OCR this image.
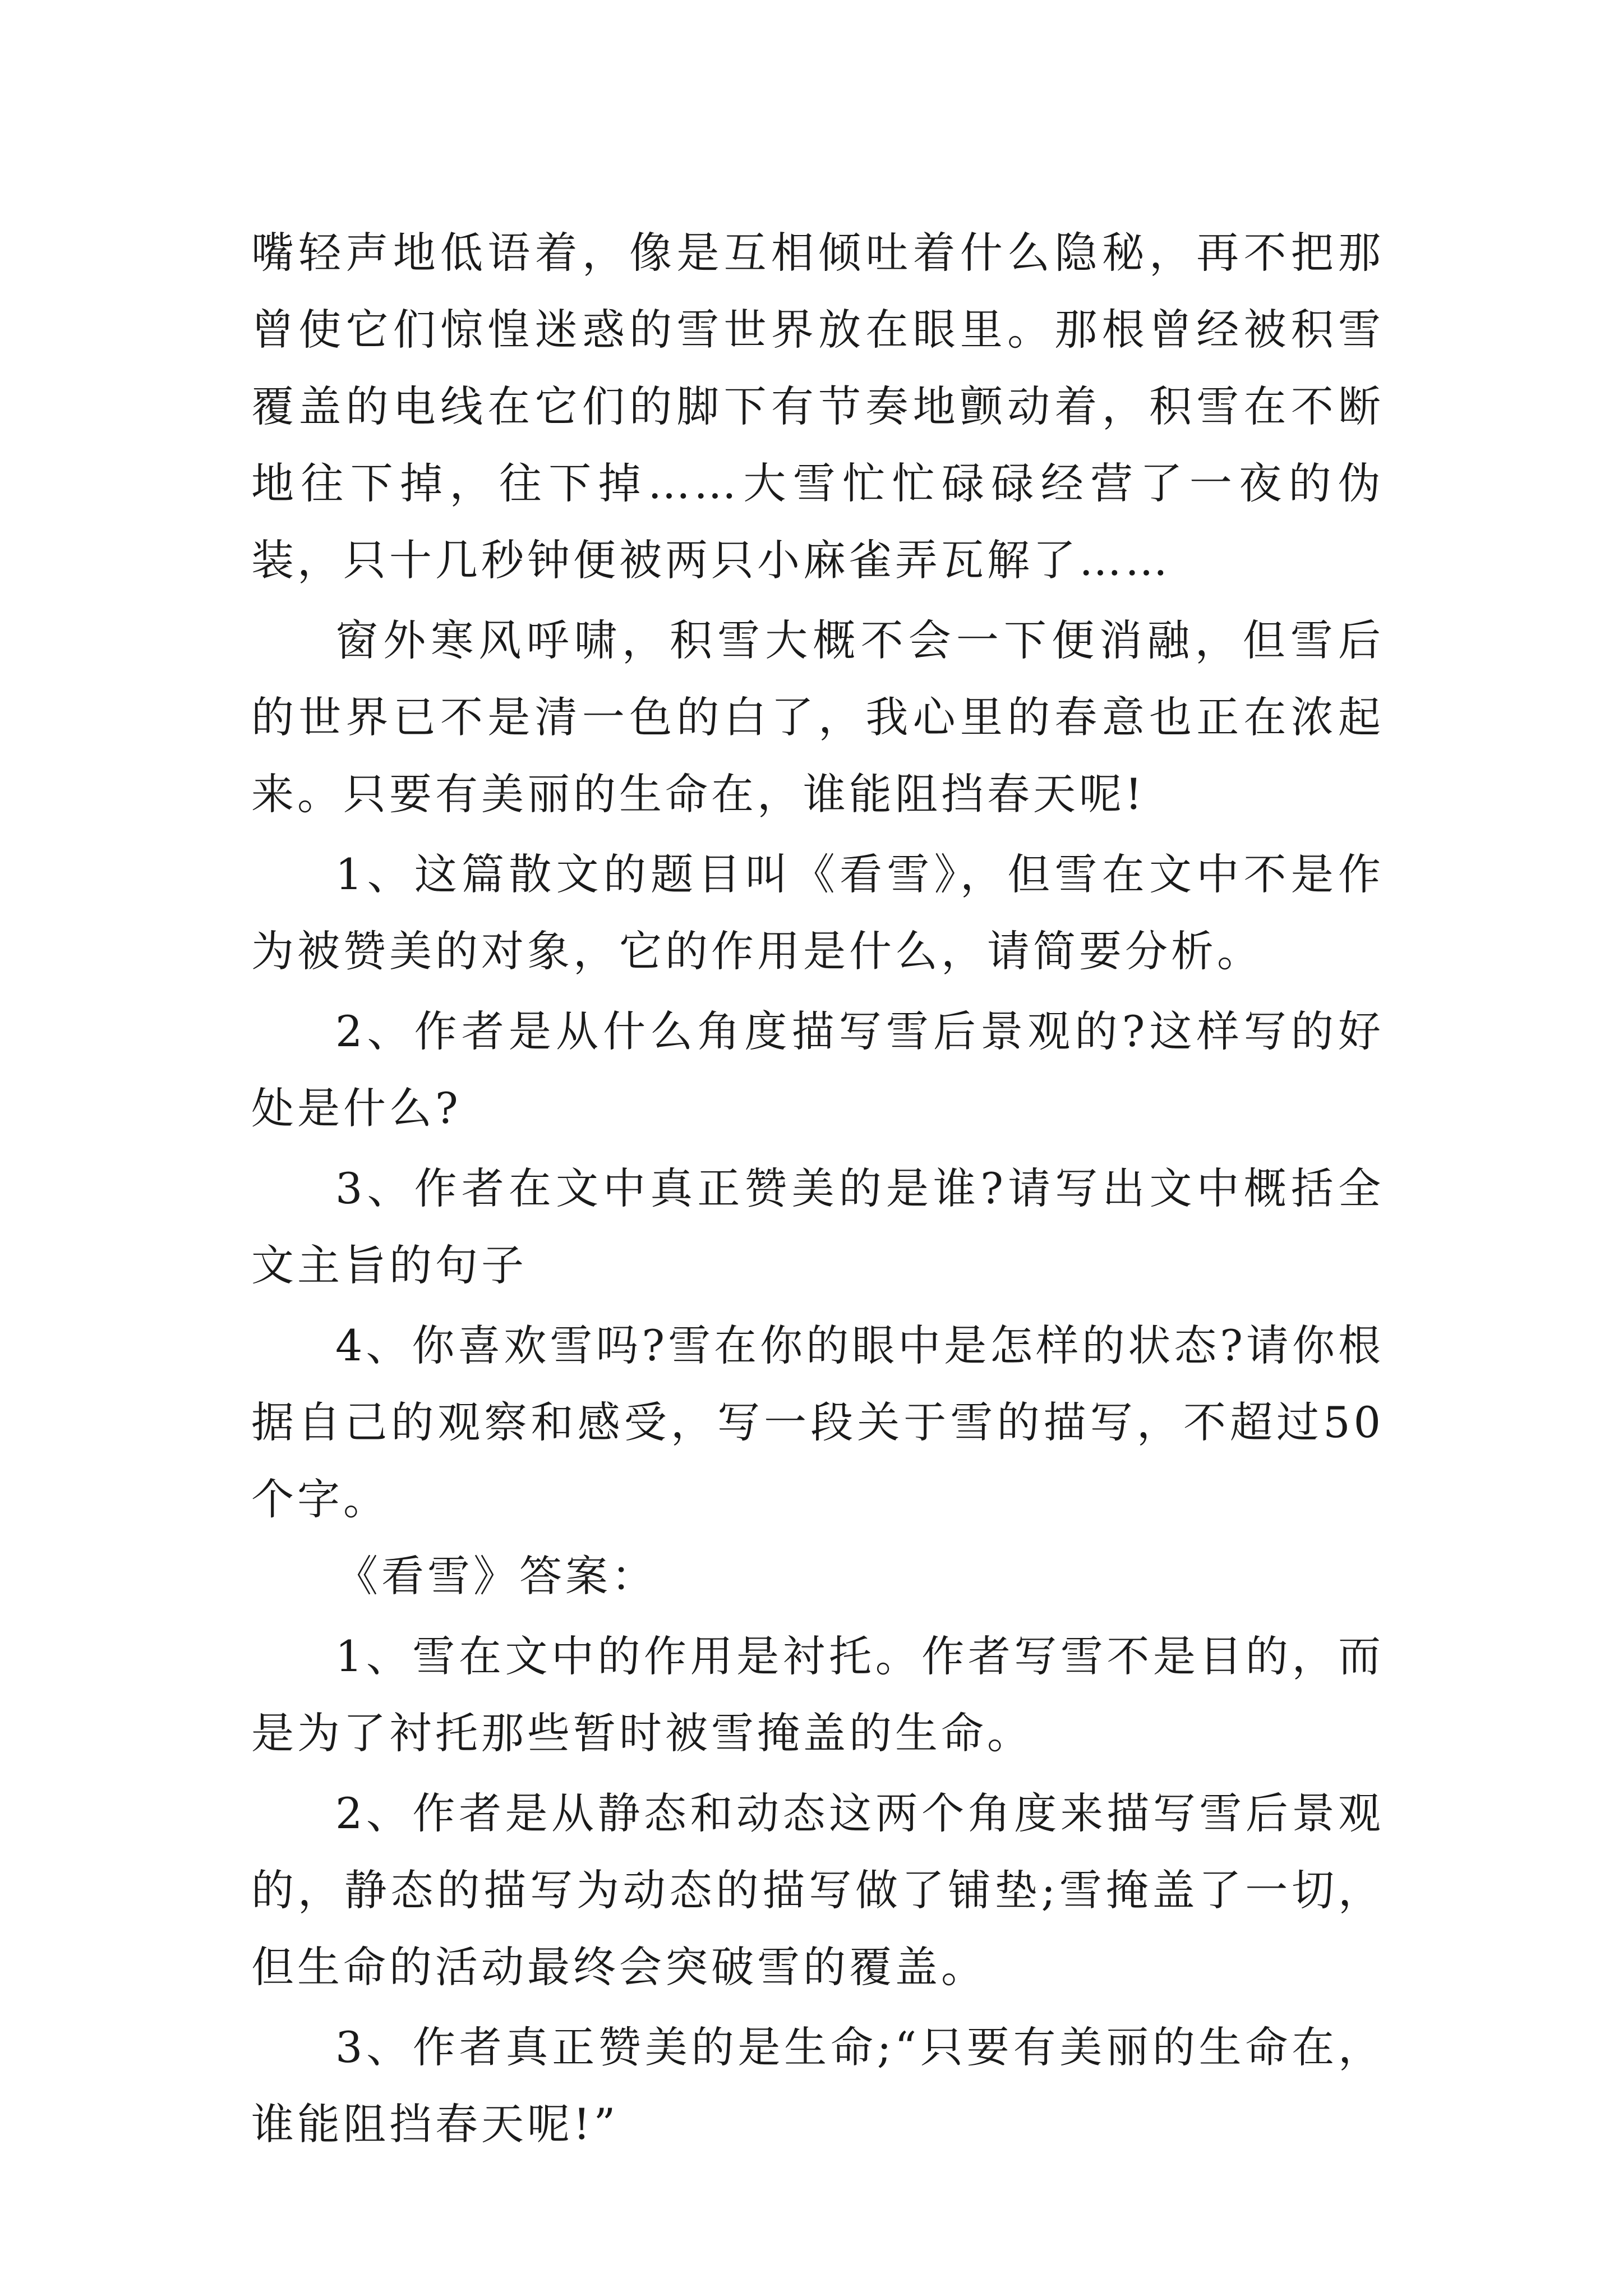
嘴轻声地低语着，像是互相倾吐着什么隐秘，再不把那曾使它们惊惶迷惑的雪世界放在眼里。那根曾经被积雪覆盖的电线在它们的脚下有节奏地颤动着，积雪在不断地往下掉，往下掉……大雪忙忙碌碌经营了一夜的伪装，只十几秒钟便被两只小麻雀弄瓦解了……

窗外寒风呼啸，积雪大概不会一下便消融，但雪后的世界已不是清一色的白了，我心里的春意也正在浓起来。只要有美丽的生命在，谁能阻挡春天呢!

1、这篇散文的题目叫《看雪》，但雪在文中不是作为被赞美的对象，它的作用是什么，请简要分析。

2、作者是从什么角度描写雪后景观的?这样写的好处是什么?

3、作者在文中真正赞美的是谁?请写出文中概括全文主旨的句子

4、你喜欢雪吗?雪在你的眼中是怎样的状态?请你根据自己的观察和感受，写一段关于雪的描写，不超过50个字。

《看雪》答案：

1、雪在文中的作用是衬托。作者写雪不是目的，而是为了衬托那些暂时被雪掩盖的生命。

2、作者是从静态和动态这两个角度来描写雪后景观的，静态的描写为动态的描写做了铺垫;雪掩盖了一切，但生命的活动最终会突破雪的覆盖。

3、作者真正赞美的是生命;“只要有美丽的生命在，谁能阻挡春天呢!”
